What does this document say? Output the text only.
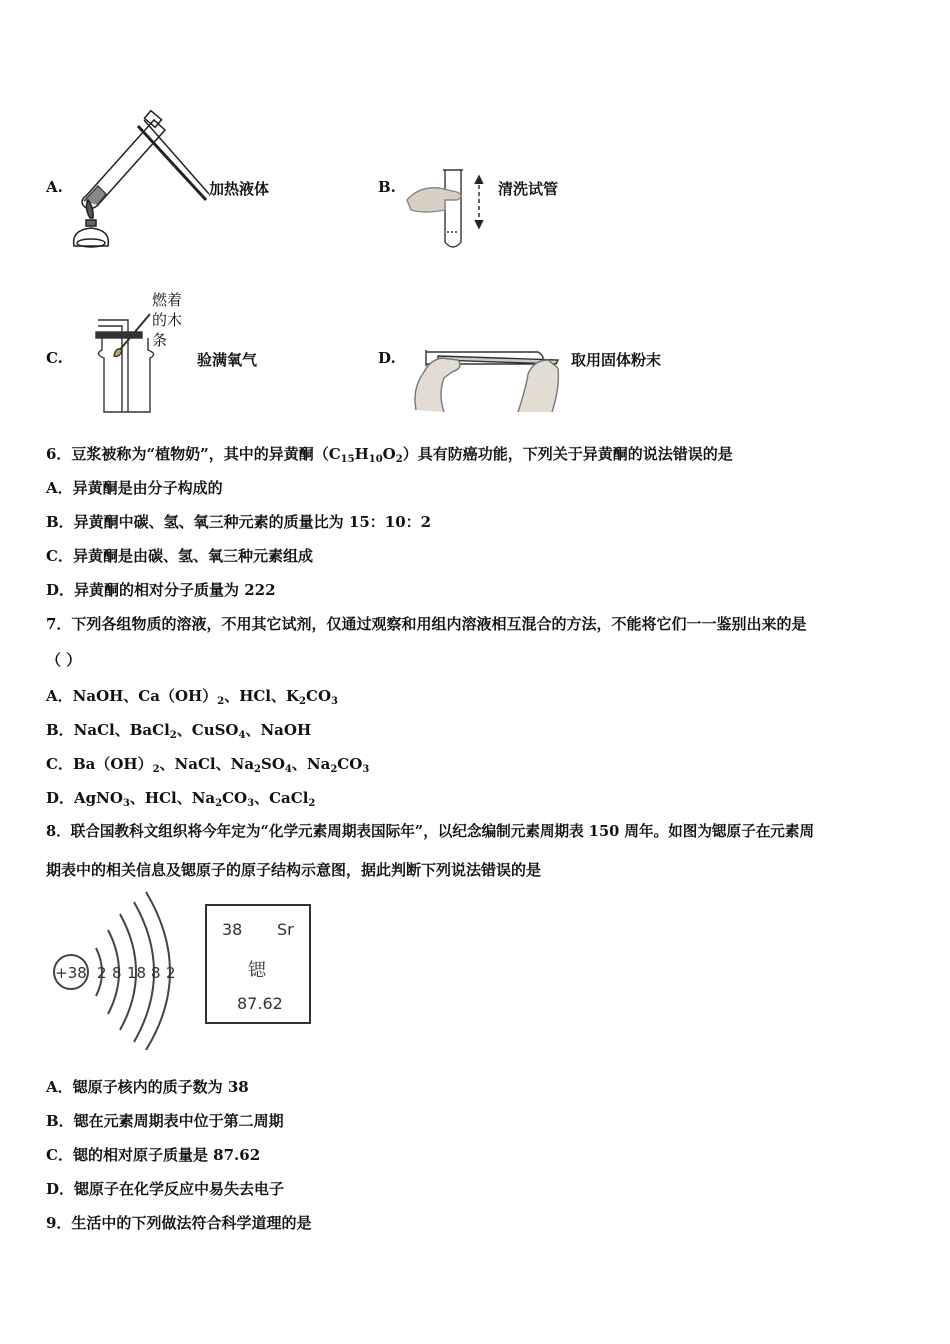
A.	加热液体	B.	清洗试管
C.
燃着
的木
条
验满氧气	D.	取用固体粉末
6．豆浆被称为“植物奶”，其中的异黄酮$(C_{15}H_{10}O_2)$具有防癌功能，下列关于异黄酮的说法错误的是
A．异黄酮是由分子构成的
B．异黄酮中碳、氢、氧三种元素的质量比为 15：10：2
C．异黄酮是由碳、氢、氧三种元素组成
D．异黄酮的相对分子质量为 222
7．下列各组物质的溶液，不用其它试剂，仅通过观察和用组内溶液相互混合的方法，不能将它们一一鉴别出来的是
（ ）
A．NaOH、$Ca(OH)_2$、HCl、$K_2CO_3$
B．NaCl、BaCl$_2$、CuSO$_4$、NaOH
C．$Ba(OH)_2$、NaCl、$Na_2SO_4$、$Na_2CO_3$
D．AgNO$_3$、HCl、$Na_2CO_3$、CaCl$_2$
8．联合国教科文组织将今年定为“化学元素周期表国际年”，以纪念编制元素周期表 150 周年。如图为锶原子在元素周
期表中的相关信息及锶原子的原子结构示意图，据此判断下列说法错误的是
+38 2 8 18 8 2
38 Sr
锶
87.62
A．锶原子核内的质子数为 38
B．锶在元素周期表中位于第二周期
C．锶的相对原子质量是 87.62
D．锶原子在化学反应中易失去电子
9．生活中的下列做法符合科学道理的是
